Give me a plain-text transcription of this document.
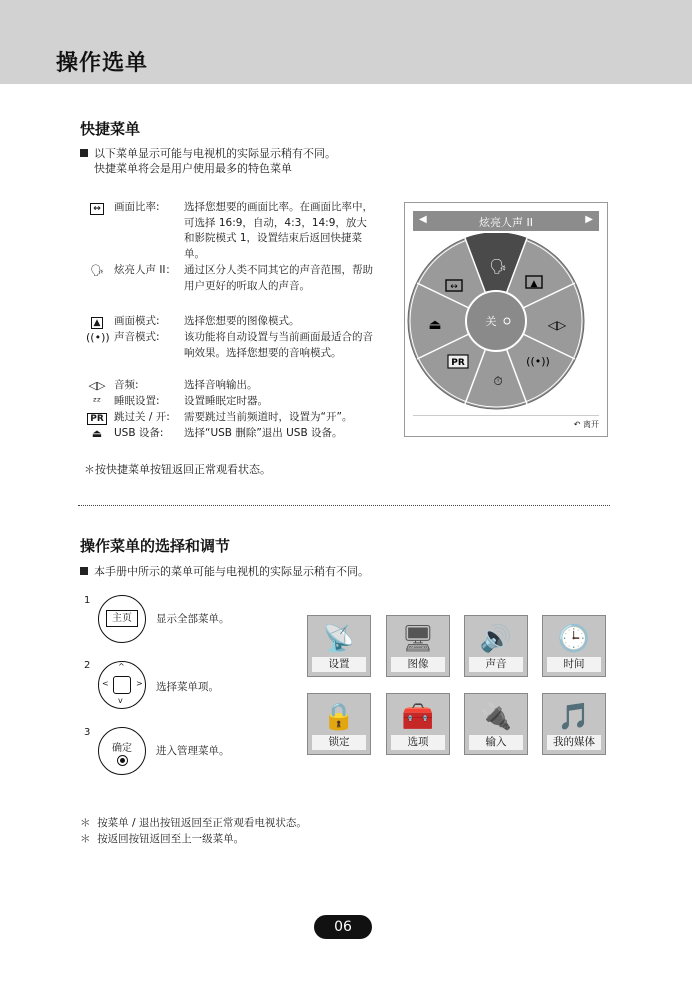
操作选单
快捷菜单
以下菜单显示可能与电视机的实际显示稍有不同。
快捷菜单将会是用户使用最多的特色菜单
↔	画面比率: 选择您想要的画面比率。在画面比率中，可选择 16:9，自动，4:3，14:9，放大和影院模式 1，设置结束后返回快捷菜单。
🗣 炫亮人声 II： 通过区分人类不同其它的声音范围，帮助用户更好的听取人的声音。
▲	画面模式: 选择您想要的图像模式。
((•)) 声音模式: 该功能将自动设置与当前画面最适合的音响效果。选择您想要的音响模式。
◁▷ 音频:	选择音响输出。
ᶻᶻ	睡眠设置: 设置睡眠定时器。
PR 跳过关 / 开: 需要跳过当前频道时，设置为“开”。
⏏	USB 设备: 选择“USB 删除”退出 USB 设备。
＊按快捷菜单按钮返回正常观看状态。
◀	炫亮人声 II	▶
关
🗣
▲
↔
⏏	◁▷
PR	((•))
⏱
↶ 离开
操作菜单的选择和调节
本手册中所示的菜单可能与电视机的实际显示稍有不同。
1
主页	显示全部菜单。
2	^
v
<	> 选择菜单项。
3
确定	进入管理菜单。
📡
设置
🖥
图像
🔊
声音
🕒
时间
🔒
锁定
🧰
选项
🔌
输入
🎵
我的媒体
＊  按菜单 / 退出按钮返回至正常观看电视状态。
＊  按返回按钮返回至上一级菜单。
06
